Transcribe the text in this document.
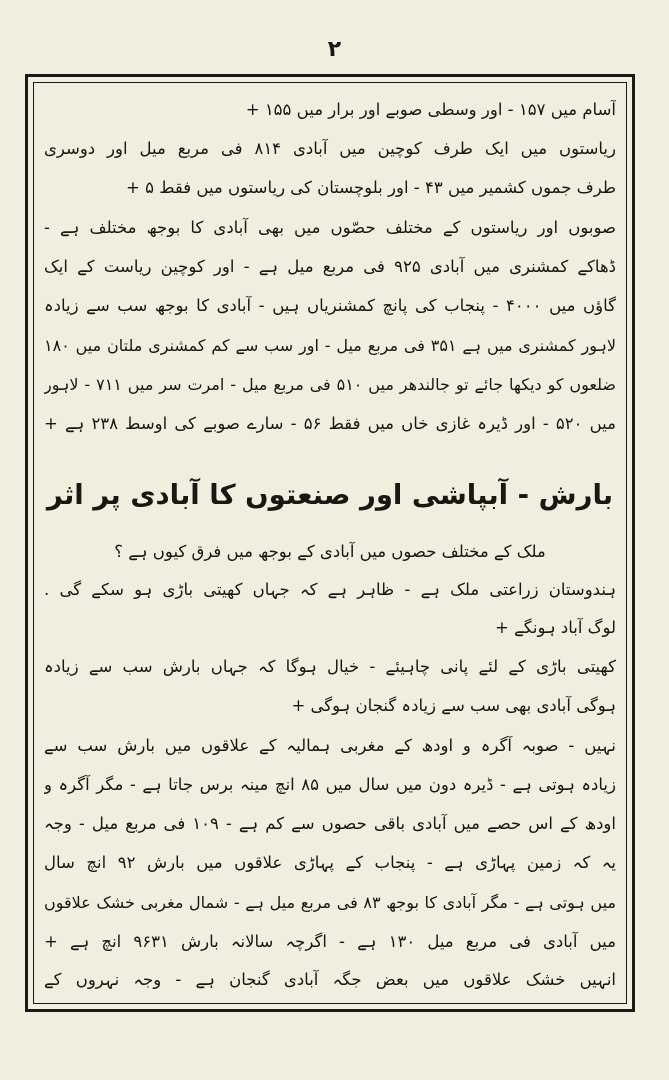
۲
آسام میں ۱۵۷ - اور وسطی صوبے اور برار میں ۱۵۵ +
ریاستوں میں ایک طرف کوچین میں آبادی ۸۱۴ فی مربع میل اور دوسری
طرف جموں کشمیر میں ۴۳ - اور بلوچستان کی ریاستوں میں فقط ۵ +
صوبوں اور ریاستوں کے مختلف حصّوں میں بھی آبادی کا بوجھ مختلف ہے -
ڈھاکے کمشنری میں آبادی ۹۲۵ فی مربع میل ہے - اور کوچین ریاست کے ایک
گاؤں میں ۴۰۰۰ - پنجاب کی پانچ کمشنریاں ہیں - آبادی کا بوجھ سب سے زیادہ
لاہور کمشنری میں ہے ۳۵۱ فی مربع میل - اور سب سے کم کمشنری ملتان میں ۱۸۰
ضلعوں کو دیکھا جائے تو جالندھر میں ۵۱۰ فی مربع میل - امرت سر میں ۷۱۱ - لاہور
میں ۵۲۰ - اور ڈیرہ غازی خاں میں فقط ۵۶ - سارے صوبے کی اوسط ۲۳۸ ہے +
بارش - آبپاشی اور صنعتوں کا آبادی پر اثر
ملک کے مختلف حصوں میں آبادی کے بوجھ میں فرق کیوں ہے ؟
ہندوستان زراعتی ملک ہے - ظاہر ہے کہ جہاں کھیتی باڑی ہو سکے گی .
لوگ آباد ہونگے +
کھیتی باڑی کے لئے پانی چاہیئے - خیال ہوگا کہ جہاں بارش سب سے زیادہ
ہوگی آبادی بھی سب سے زیادہ گنجان ہوگی +
نہیں - صوبہ آگرہ و اودھ کے مغربی ہمالیہ کے علاقوں میں بارش سب سے
زیادہ ہوتی ہے - ڈیرہ دون میں سال میں ۸۵ انچ مینہ برس جاتا ہے - مگر آگرہ و
اودھ کے اس حصے میں آبادی باقی حصوں سے کم ہے - ۱۰۹ فی مربع میل - وجہ
یہ کہ زمین پہاڑی ہے - پنجاب کے پہاڑی علاقوں میں بارش ۹۲ انچ سال
میں ہوتی ہے - مگر آبادی کا بوجھ ۸۳ فی مربع میل ہے - شمال مغربی خشک علاقوں
میں آبادی فی مربع میل ۱۳۰ ہے - اگرچہ سالانہ بارش ۹۶۳۱ انچ ہے +
انہیں خشک علاقوں میں بعض جگہ آبادی گنجان ہے - وجہ نہروں کے
